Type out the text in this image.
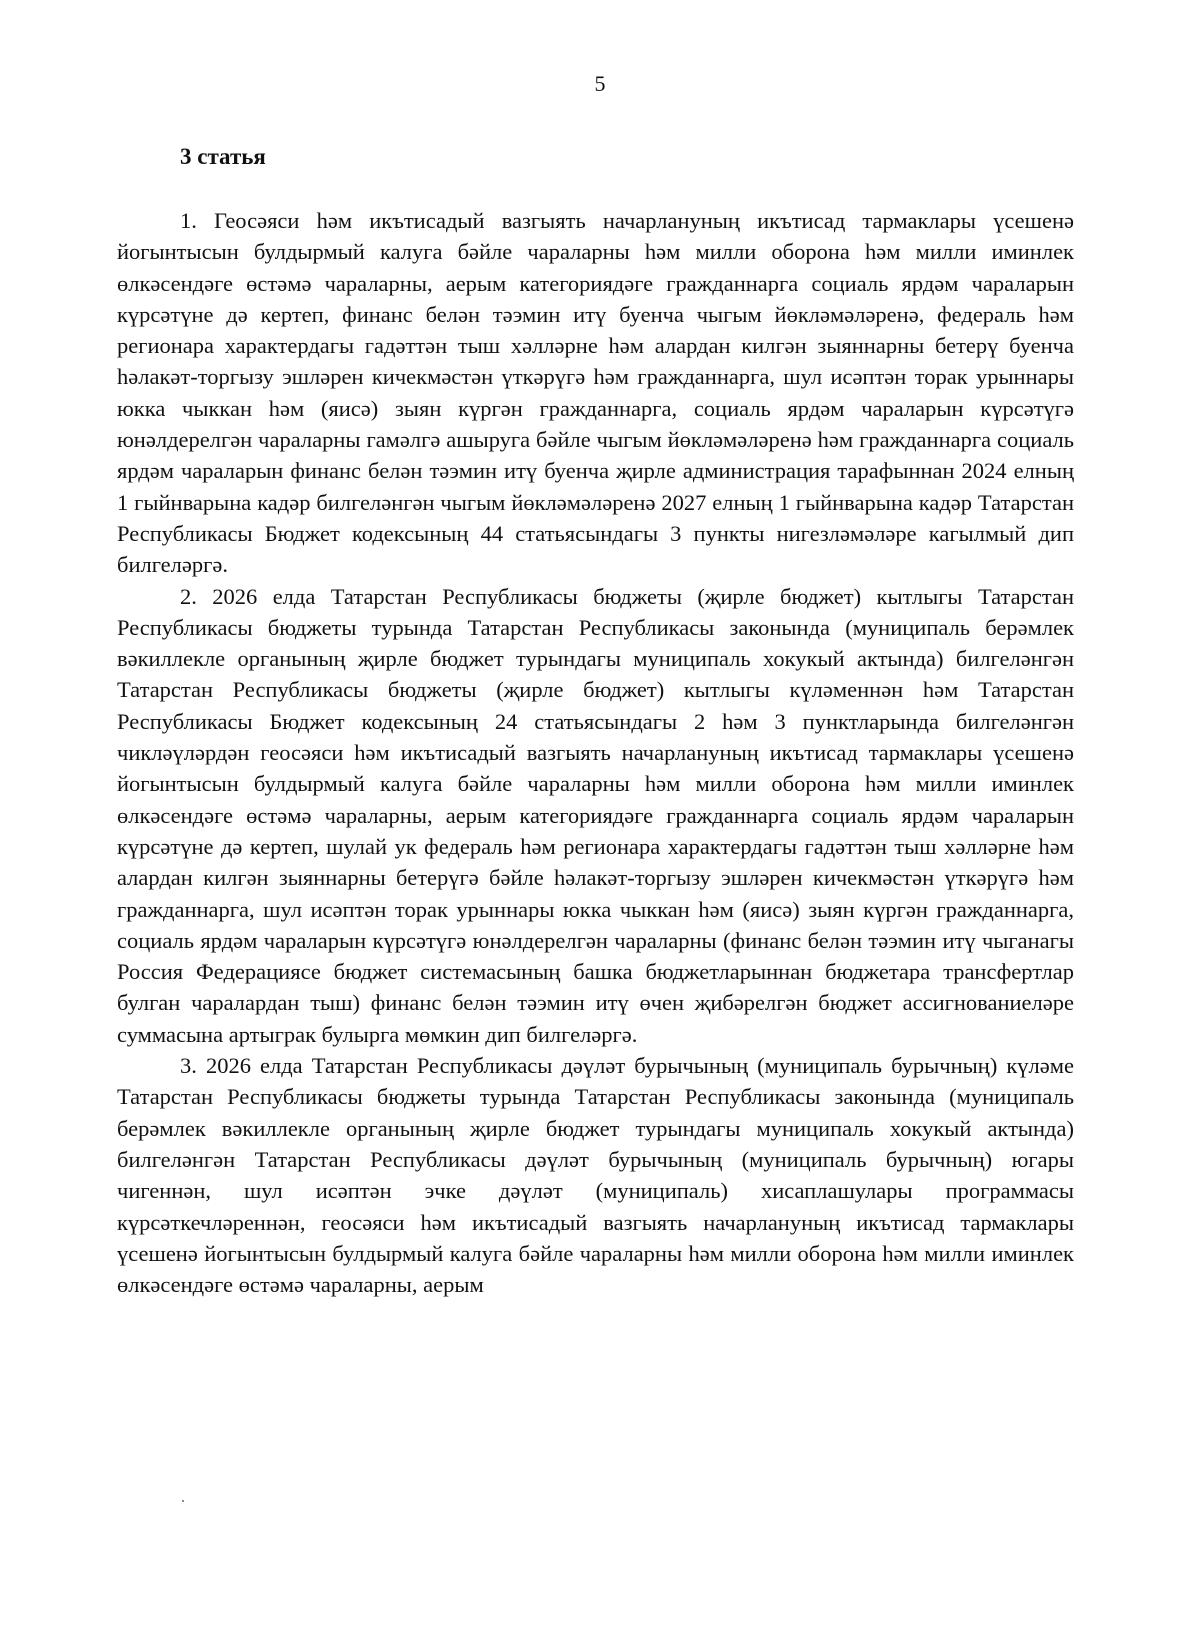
5
3 статья

1. Геосәяси һәм икътисадый вазгыять начарлануның икътисад тармаклары үсешенә йогынтысын булдырмый калуга бәйле чараларны һәм милли оборона һәм милли иминлек өлкәсендәге өстәмә чараларны, аерым категориядәге гражданнарга социаль ярдәм чараларын күрсәтүне дә кертеп, финанс белән тәэмин итү буенча чыгым йөкләмәләренә, федераль һәм регионара характердагы гадәттән тыш хәлләрне һәм алардан килгән зыяннарны бетерү буенча һәлакәт-торгызу эшләрен кичекмәстән үткәрүгә һәм гражданнарга, шул исәптән торак урыннары юкка чыккан һәм (яисә) зыян күргән гражданнарга, социаль ярдәм чараларын күрсәтүгә юнәлдерелгән чараларны гамәлгә ашыруга бәйле чыгым йөкләмәләренә һәм гражданнарга социаль ярдәм чараларын финанс белән тәэмин итү буенча җирле администрация тарафыннан 2024 елның 1 гыйнварына кадәр билгеләнгән чыгым йөкләмәләренә 2027 елның 1 гыйнварына кадәр Татарстан Республикасы Бюджет кодексының 44 статьясындагы 3 пункты нигезләмәләре кагылмый дип билгеләргә.

2. 2026 елда Татарстан Республикасы бюджеты (җирле бюджет) кытлыгы Татарстан Республикасы бюджеты турында Татарстан Республикасы законында (муниципаль берәмлек вәкиллекле органының җирле бюджет турындагы муниципаль хокукый актында) билгеләнгән Татарстан Республикасы бюджеты (җирле бюджет) кытлыгы күләменнән һәм Татарстан Республикасы Бюджет кодексының 24 статьясындагы 2 һәм 3 пунктларында билгеләнгән чикләүләрдән геосәяси һәм икътисадый вазгыять начарлануның икътисад тармаклары үсешенә йогынтысын булдырмый калуга бәйле чараларны һәм милли оборона һәм милли иминлек өлкәсендәге өстәмә чараларны, аерым категориядәге гражданнарга социаль ярдәм чараларын күрсәтүне дә кертеп, шулай ук федераль һәм регионара характердагы гадәттән тыш хәлләрне һәм алардан килгән зыяннарны бетерүгә бәйле һәлакәт-торгызу эшләрен кичекмәстән үткәрүгә һәм гражданнарга, шул исәптән торак урыннары юкка чыккан һәм (яисә) зыян күргән гражданнарга, социаль ярдәм чараларын күрсәтүгә юнәлдерелгән чараларны (финанс белән тәэмин итү чыганагы Россия Федерациясе бюджет системасының башка бюджетларыннан бюджетара трансфертлар булган чаралардан тыш) финанс белән тәэмин итү өчен җибәрелгән бюджет ассигнованиеләре суммасына артыграк булырга мөмкин дип билгеләргә.

3. 2026 елда Татарстан Республикасы дәүләт бурычының (муниципаль бурычның) күләме Татарстан Республикасы бюджеты турында Татарстан Республикасы законында (муниципаль берәмлек вәкиллекле органының җирле бюджет турындагы муниципаль хокукый актында) билгеләнгән Татарстан Республикасы дәүләт бурычының (муниципаль бурычның) югары чигеннән, шул исәптән эчке дәүләт (муниципаль) хисаплашулары программасы күрсәткечләреннән, геосәяси һәм икътисадый вазгыять начарлануның икътисад тармаклары үсешенә йогынтысын булдырмый калуга бәйле чараларны һәм милли оборона һәм милли иминлек өлкәсендәге өстәмә чараларны, аерым
